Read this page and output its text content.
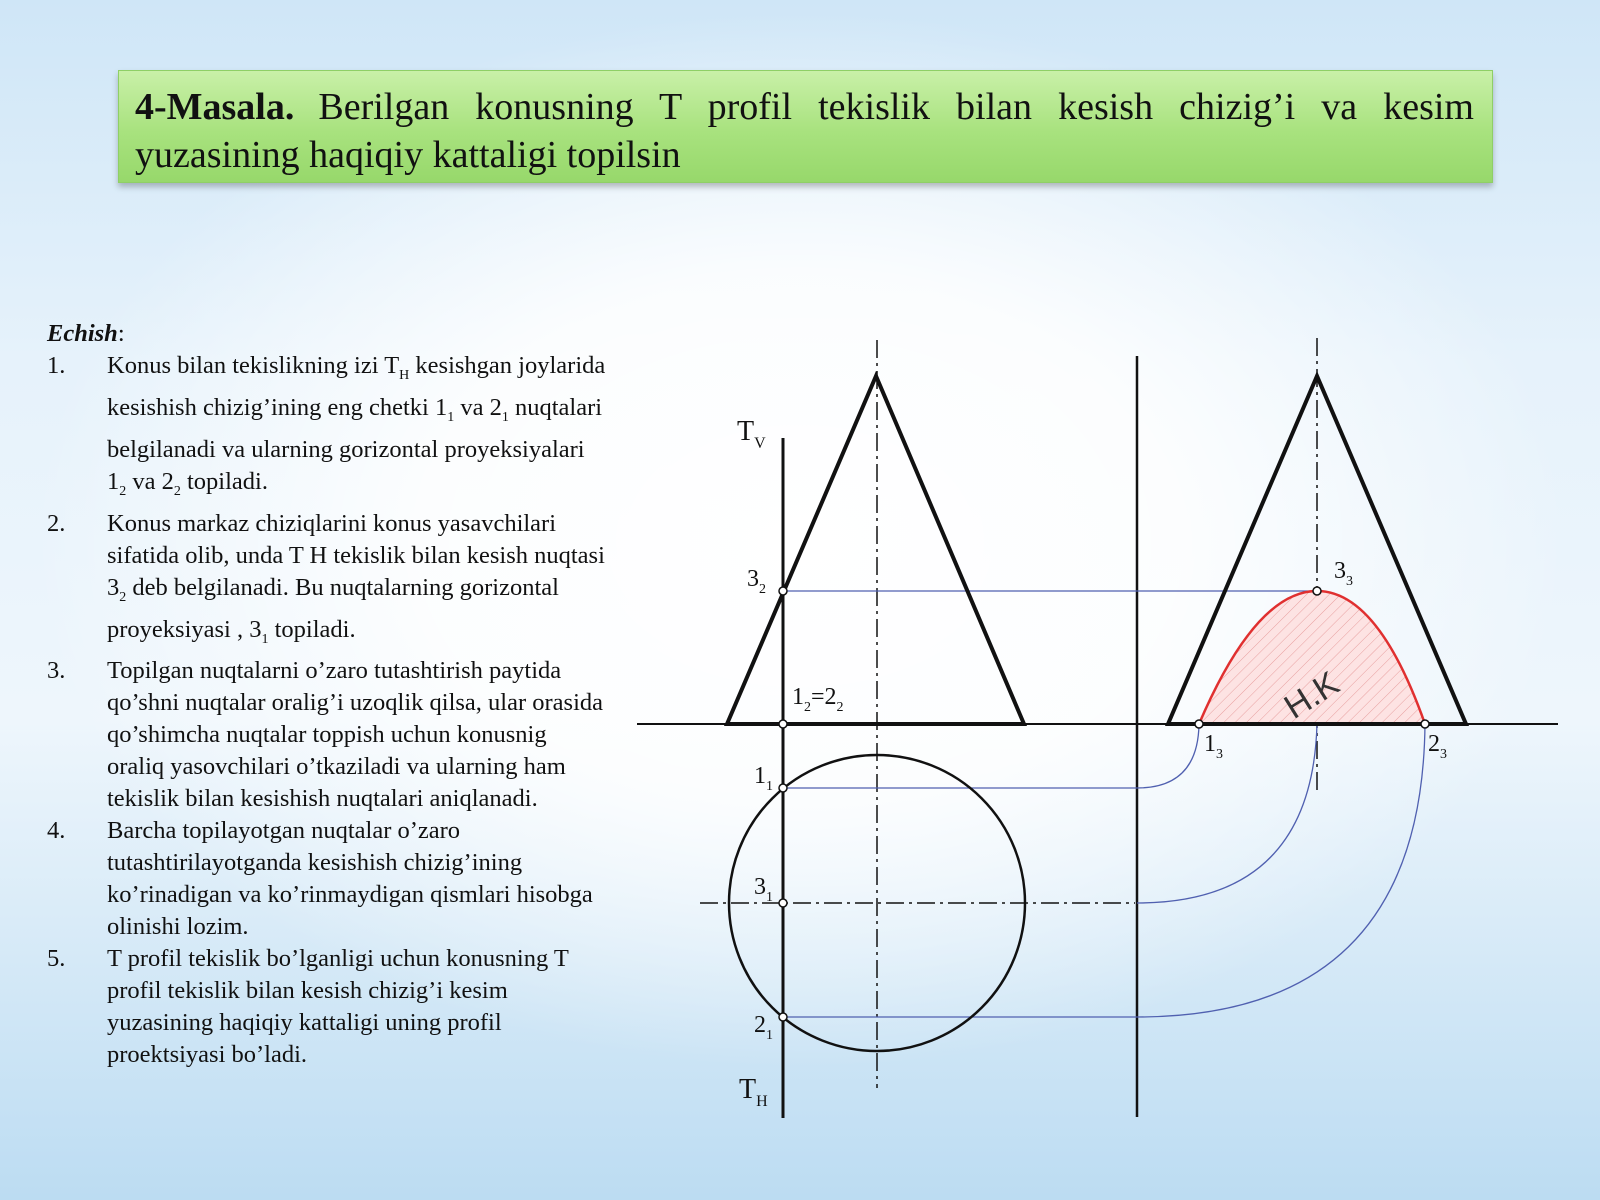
4-Masala. Berilgan konusning T profil tekislik bilan kesish chizig’i va kesim yuzasining haqiqiy kattaligi topilsin
Echish:
1. Konus bilan tekislikning izi $T_H$ kesishgan joylarida kesishish chizig’ining eng chetki $1_1$ va $2_1$ nuqtalari belgilanadi va ularning gorizontal proyeksiyalari $1_2$ va $2_2$ topiladi.
2. Konus markaz chiziqlarini konus yasavchilari sifatida olib, unda T H tekislik bilan kesish nuqtasi $3_2$ deb belgilanadi. Bu nuqtalarning gorizontal proyeksiyasi , $3_1$ topiladi.
3. Topilgan nuqtalarni o’zaro tutashtirish paytida qo’shni nuqtalar oralig’i uzoqlik qilsa, ular orasida qo’shimcha nuqtalar toppish uchun konusnig oraliq yasovchilari o’tkaziladi va ularning ham tekislik bilan kesishish nuqtalari aniqlanadi.
4. Barcha topilayotgan nuqtalar o’zaro tutashtirilayotganda kesishish chizig’ining ko’rinadigan va ko’rinmaydigan qismlari hisobga olinishi lozim.
5. T profil tekislik bo’lganligi uchun konusning T profil tekislik bilan kesish chizig’i kesim yuzasining haqiqiy kattaligi uning profil proektsiyasi bo’ladi.
$T_V$
$T_H$
$3_2$
$1_2=2_2$
$1_1$
$3_1$
$2_1$
$3_3$
$1_3$	$2_3$
H.K
